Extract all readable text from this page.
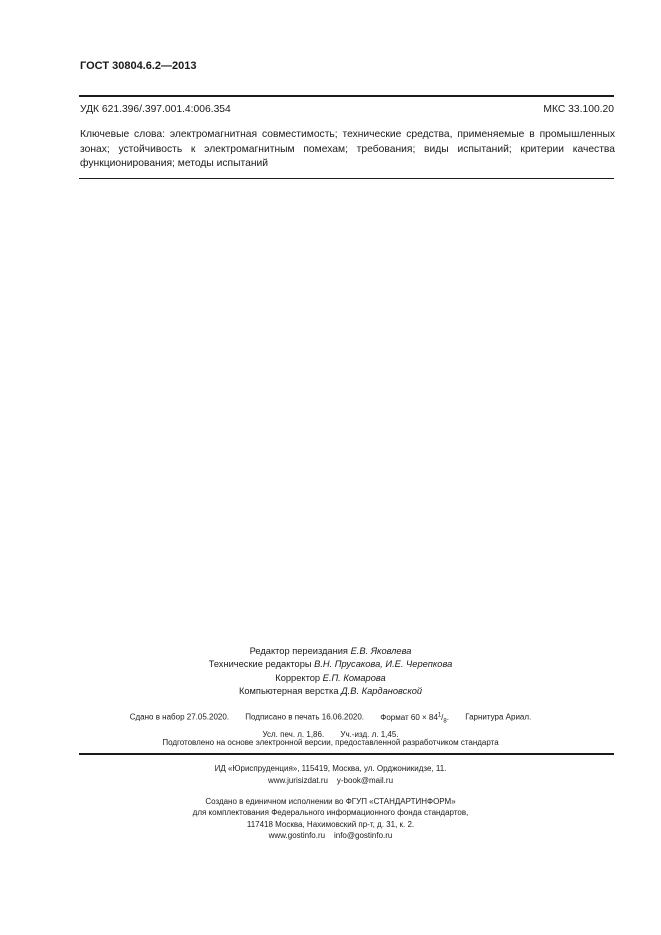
ГОСТ 30804.6.2—2013
УДК 621.396/.397.001.4:006.354	МКС 33.100.20
Ключевые слова: электромагнитная совместимость; технические средства, применяемые в промышленных зонах; устойчивость к электромагнитным помехам; требования; виды испытаний; критерии качества функционирования; методы испытаний
Редактор переиздания Е.В. Яковлева
Технические редакторы В.Н. Прусакова, И.Е. Черепкова
Корректор Е.П. Комарова
Компьютерная верстка Д.В. Кардановской
Сдано в набор 27.05.2020. Подписано в печать 16.06.2020. Формат $60 \times 84^1/_8$. Гарнитура Ариал.
Усл. печ. л. 1,86. Уч.-изд. л. 1,45.
Подготовлено на основе электронной версии, предоставленной разработчиком стандарта
ИД «Юриспруденция», 115419, Москва, ул. Орджоникидзе, 11.
www.jurisizdat.ru y-book@mail.ru
Создано в единичном исполнении во ФГУП «СТАНДАРТИНФОРМ»
для комплектования Федерального информационного фонда стандартов,
117418 Москва, Нахимовский пр-т, д. 31, к. 2.
www.gostinfo.ru info@gostinfo.ru
